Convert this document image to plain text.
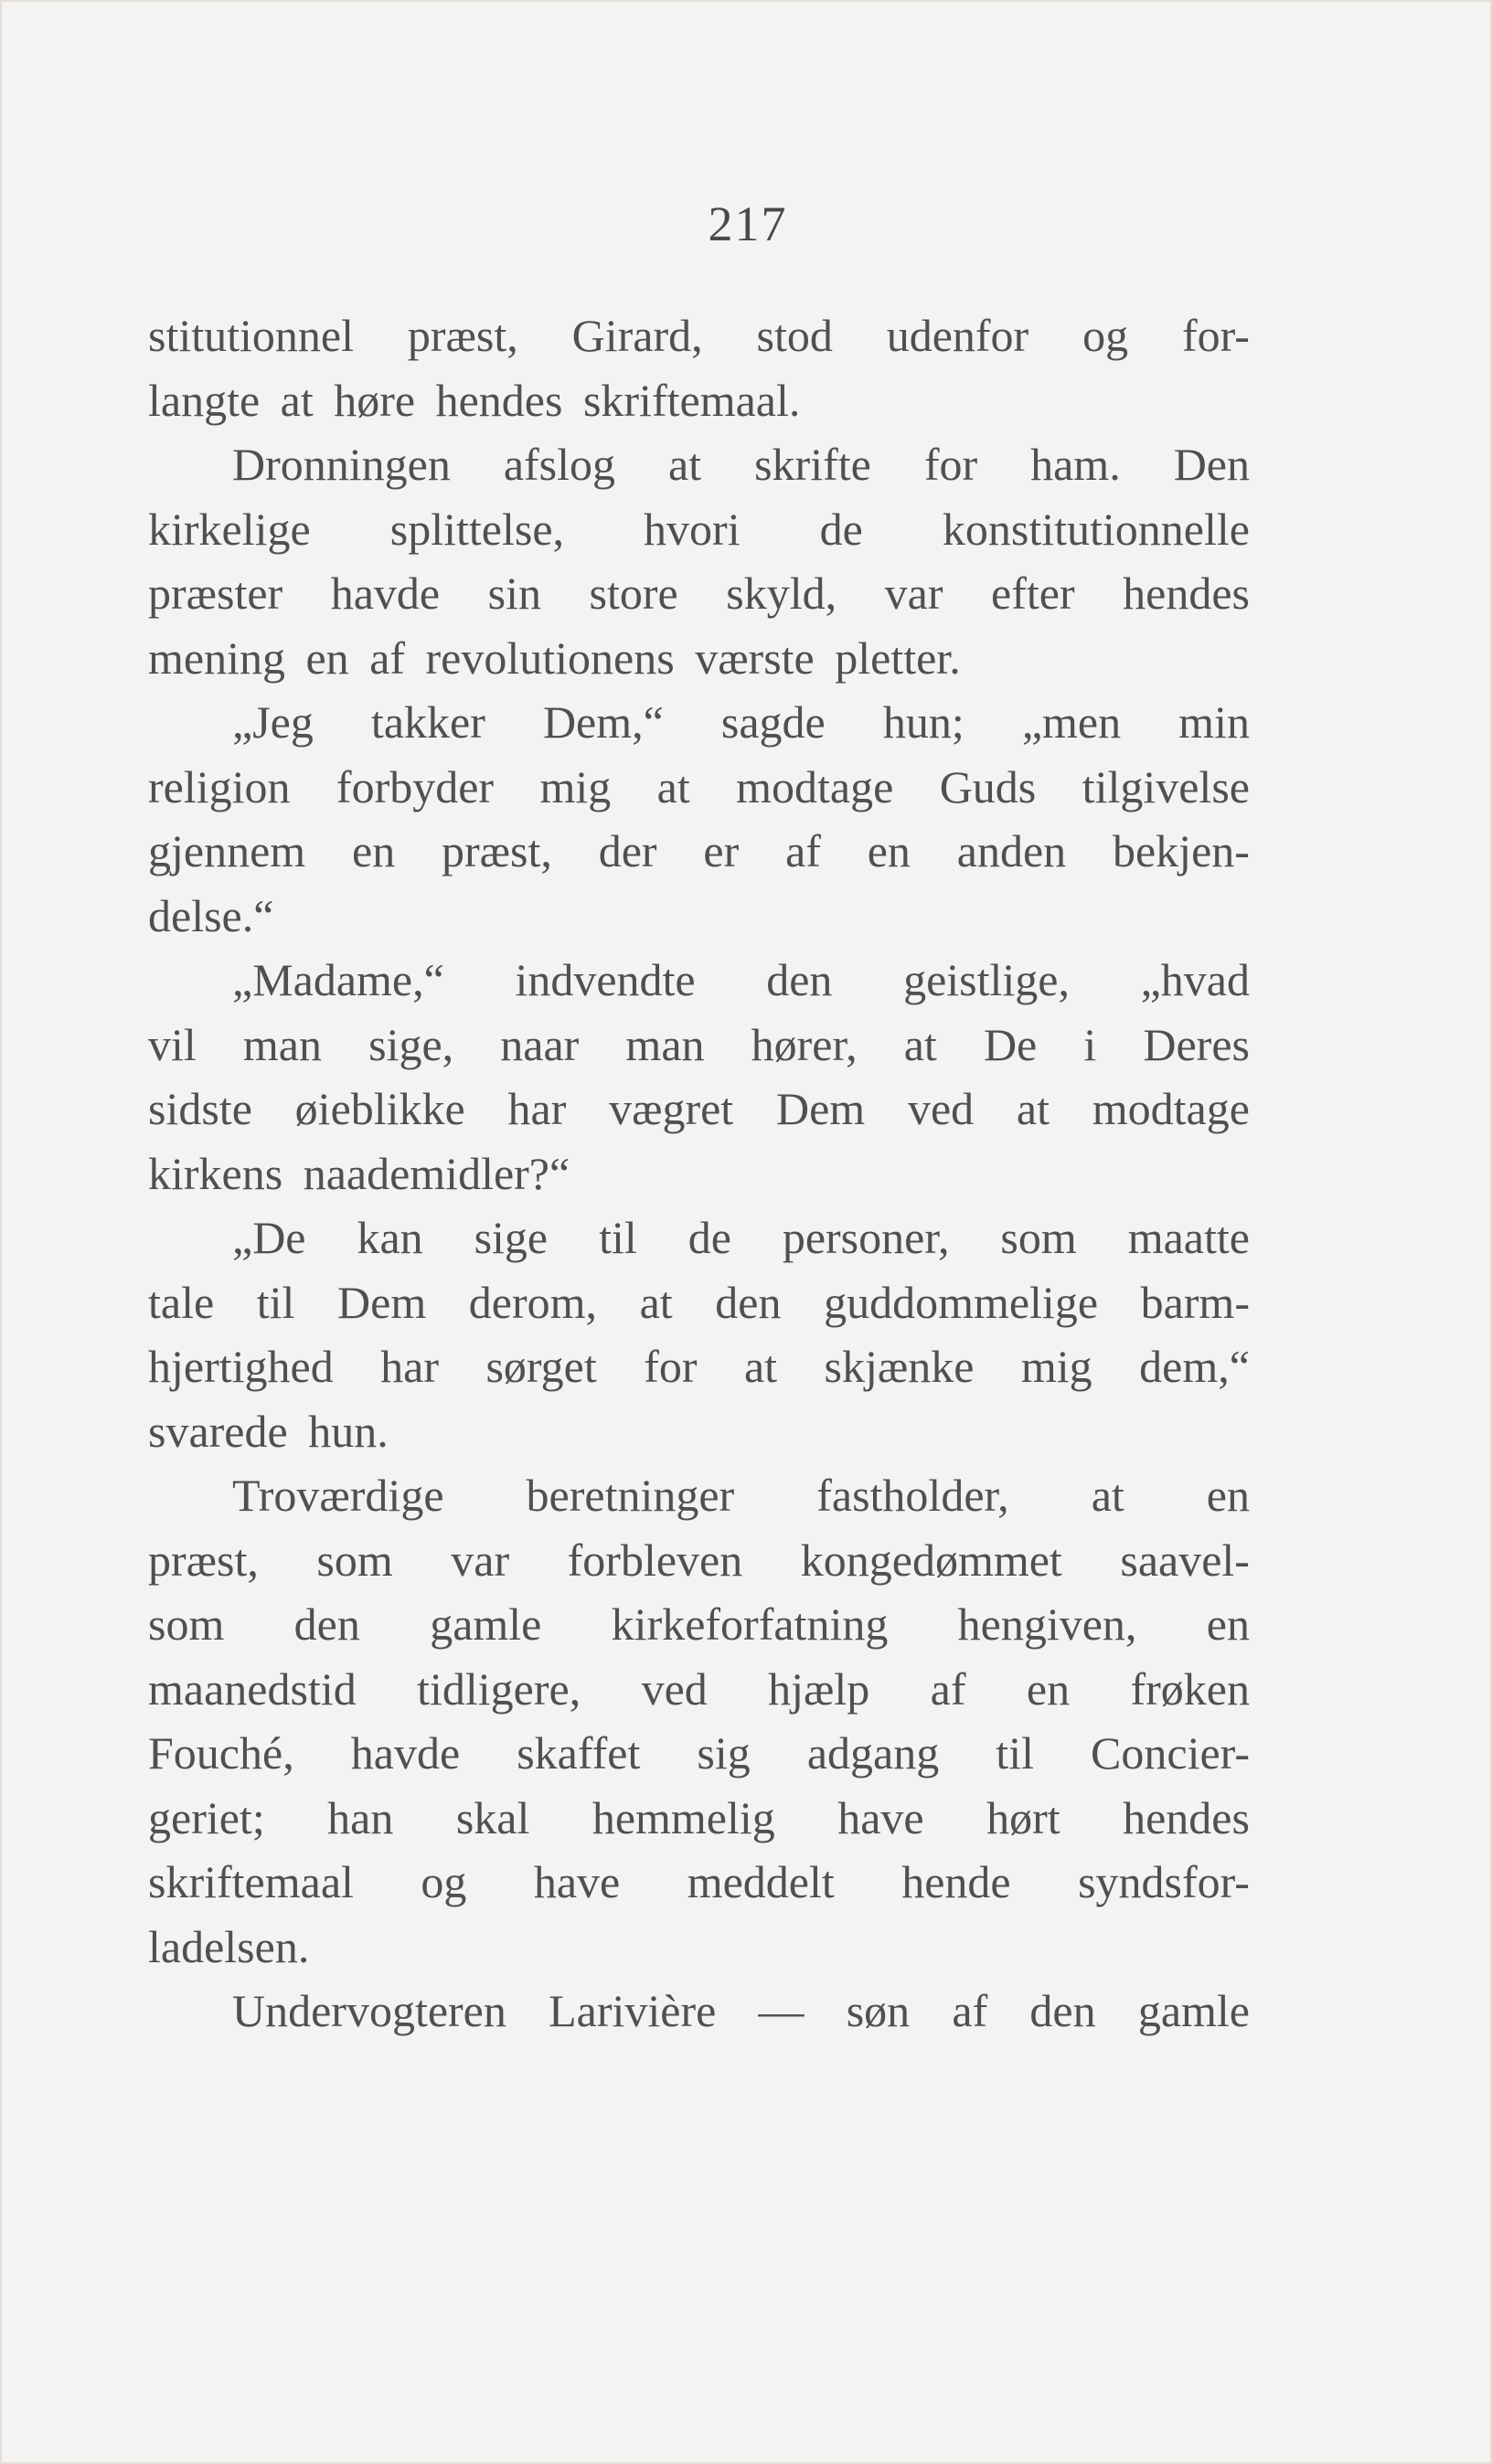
217
stitutionnel præst, Girard, stod udenfor og for-
langte at høre hendes skriftemaal.
Dronningen afslog at skrifte for ham. Den
kirkelige splittelse, hvori de konstitutionnelle
præster havde sin store skyld, var efter hendes
mening en af revolutionens værste pletter.
„Jeg takker Dem,“ sagde hun; „men min
religion forbyder mig at modtage Guds tilgivelse
gjennem en præst, der er af en anden bekjen-
delse.“
„Madame,“ indvendte den geistlige, „hvad
vil man sige, naar man hører, at De i Deres
sidste øieblikke har vægret Dem ved at modtage
kirkens naademidler?“
„De kan sige til de personer, som maatte
tale til Dem derom, at den guddommelige barm-
hjertighed har sørget for at skjænke mig dem,“
svarede hun.
Troværdige beretninger fastholder, at en
præst, som var forbleven kongedømmet saavel-
som den gamle kirkeforfatning hengiven, en
maanedstid tidligere, ved hjælp af en frøken
Fouché, havde skaffet sig adgang til Concier-
geriet; han skal hemmelig have hørt hendes
skriftemaal og have meddelt hende syndsfor-
ladelsen.
Undervogteren Larivière — søn af den gamle
